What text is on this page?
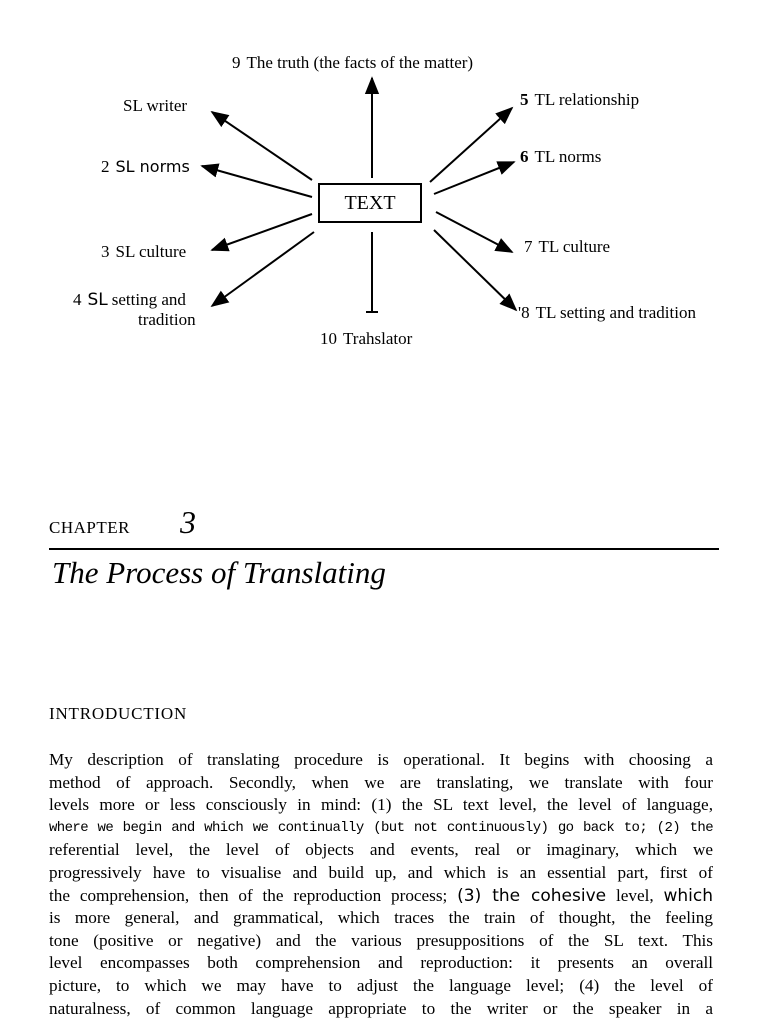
TEXT
9 The truth (the facts of the matter)
SL writer
2 SL norms
3 SL culture
4 SL setting and
tradition
5 TL relationship
6 TL norms
7 TL culture
'8 TL setting and tradition
10 Trahslator
CHAPTER 3
The Process of Translating
INTRODUCTION
My description of translating procedure is operational. It begins with choosing a
method of approach. Secondly, when we are translating, we translate with four
levels more or less consciously in mind: (1) the SL text level, the level of language,
where we begin and which we continually (but not continuously) go back to; (2) the
referential level, the level of objects and events, real or imaginary, which we
progressively have to visualise and build up, and which is an essential part, first of
the comprehension, then of the reproduction process; (3) the cohesive level, which
is more general, and grammatical, which traces the train of thought, the feeling
tone (positive or negative) and the various presuppositions of the SL text. This
level encompasses both comprehension and reproduction: it presents an overall
picture, to which we may have to adjust the language level; (4) the level of
naturalness, of common language appropriate to the writer or the speaker in a
